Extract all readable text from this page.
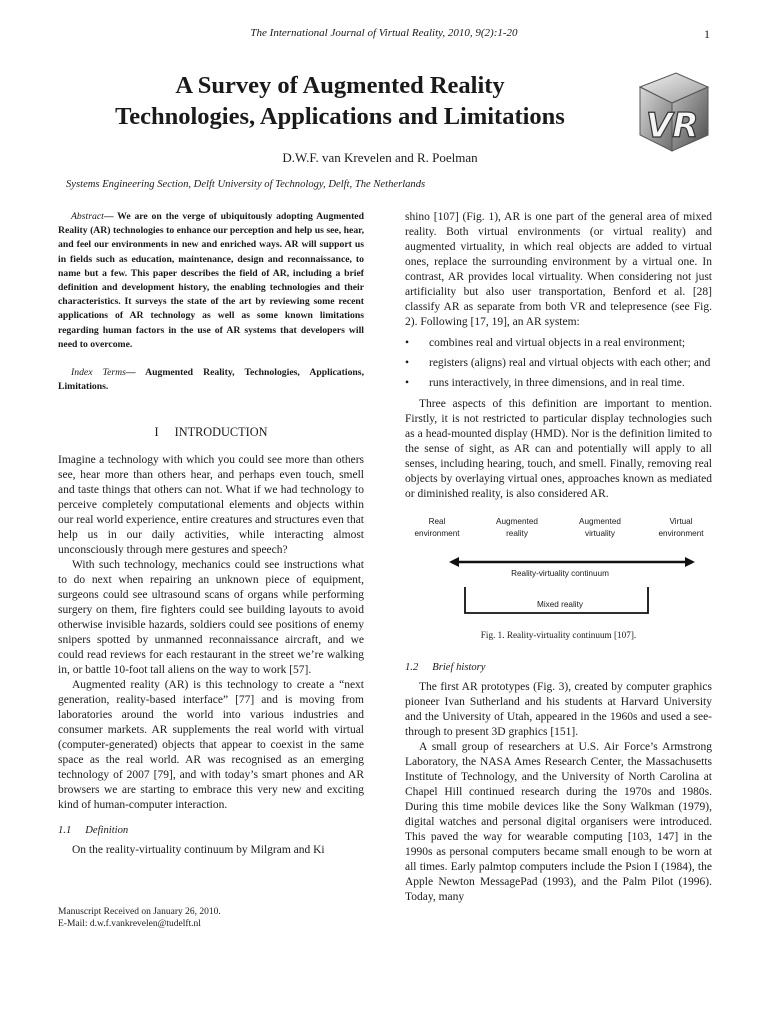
The International Journal of Virtual Reality, 2010, 9(2):1-20	1
A Survey of Augmented Reality
Technologies, Applications and Limitations	VR
D.W.F. van Krevelen and R. Poelman
Systems Engineering Section, Delft University of Technology, Delft, The Netherlands

Abstract— We are on the verge of ubiquitously adopting Augmented Reality (AR) technologies to enhance our perception and help us see, hear, and feel our environments in new and enriched ways. AR will support us in fields such as education, maintenance, design and reconnaissance, to name but a few. This paper describes the field of AR, including a brief definition and development history, the enabling technologies and their characteristics. It surveys the state of the art by reviewing some recent applications of AR technology as well as some known limitations regarding human factors in the use of AR systems that developers will need to overcome.

Index Terms— Augmented Reality, Technologies, Applications, Limitations.

I INTRODUCTION

Imagine a technology with which you could see more than others see, hear more than others hear, and perhaps even touch, smell and taste things that others can not. What if we had technology to perceive completely computational elements and objects within our real world experience, entire creatures and structures even that help us in our daily activities, while interacting almost unconsciously through mere gestures and speech?

With such technology, mechanics could see instructions what to do next when repairing an unknown piece of equipment, surgeons could see ultrasound scans of organs while performing surgery on them, fire fighters could see building layouts to avoid otherwise invisible hazards, soldiers could see positions of enemy snipers spotted by unmanned reconnaissance aircraft, and we could read reviews for each restaurant in the street we’re walking in, or battle 10-foot tall aliens on the way to work [57].

Augmented reality (AR) is this technology to create a “next generation, reality-based interface” [77] and is moving from laboratories around the world into various industries and consumer markets. AR supplements the real world with virtual (computer-generated) objects that appear to coexist in the same space as the real world. AR was recognised as an emerging technology of 2007 [79], and with today’s smart phones and AR browsers we are starting to embrace this very new and exciting kind of human-computer interaction.

1.1 Definition

On the reality-virtuality continuum by Milgram and Ki

Manuscript Received on January 26, 2010.
E-Mail: d.w.f.vankrevelen@tudelft.nl

shino [107] (Fig. 1), AR is one part of the general area of mixed reality. Both virtual environments (or virtual reality) and augmented virtuality, in which real objects are added to virtual ones, replace the surrounding environment by a virtual one. In contrast, AR provides local virtuality. When considering not just artificiality but also user transportation, Benford et al. [28] classify AR as separate from both VR and telepresence (see Fig. 2). Following [17, 19], an AR system:

• combines real and virtual objects in a real environment;
• registers (aligns) real and virtual objects with each other; and
• runs interactively, in three dimensions, and in real time.

Three aspects of this definition are important to mention. Firstly, it is not restricted to particular display technologies such as a head-mounted display (HMD). Nor is the definition limited to the sense of sight, as AR can and potentially will apply to all senses, including hearing, touch, and smell. Finally, removing real objects by overlaying virtual ones, approaches known as mediated or diminished reality, is also considered AR.

Real
environment
Augmented
reality
Augmented
virtuality
Virtual
environment
Reality-virtuality continuum
Mixed reality
Fig. 1. Reality-virtuality continuum [107].
1.2 Brief history

The first AR prototypes (Fig. 3), created by computer graphics pioneer Ivan Sutherland and his students at Harvard University and the University of Utah, appeared in the 1960s and used a see-through to present 3D graphics [151].

A small group of researchers at U.S. Air Force’s Armstrong Laboratory, the NASA Ames Research Center, the Massachusetts Institute of Technology, and the University of North Carolina at Chapel Hill continued research during the 1970s and 1980s. During this time mobile devices like the Sony Walkman (1979), digital watches and personal digital organisers were introduced. This paved the way for wearable computing [103, 147] in the 1990s as personal computers became small enough to be worn at all times. Early palmtop computers include the Psion I (1984), the Apple Newton MessagePad (1993), and the Palm Pilot (1996). Today, many
